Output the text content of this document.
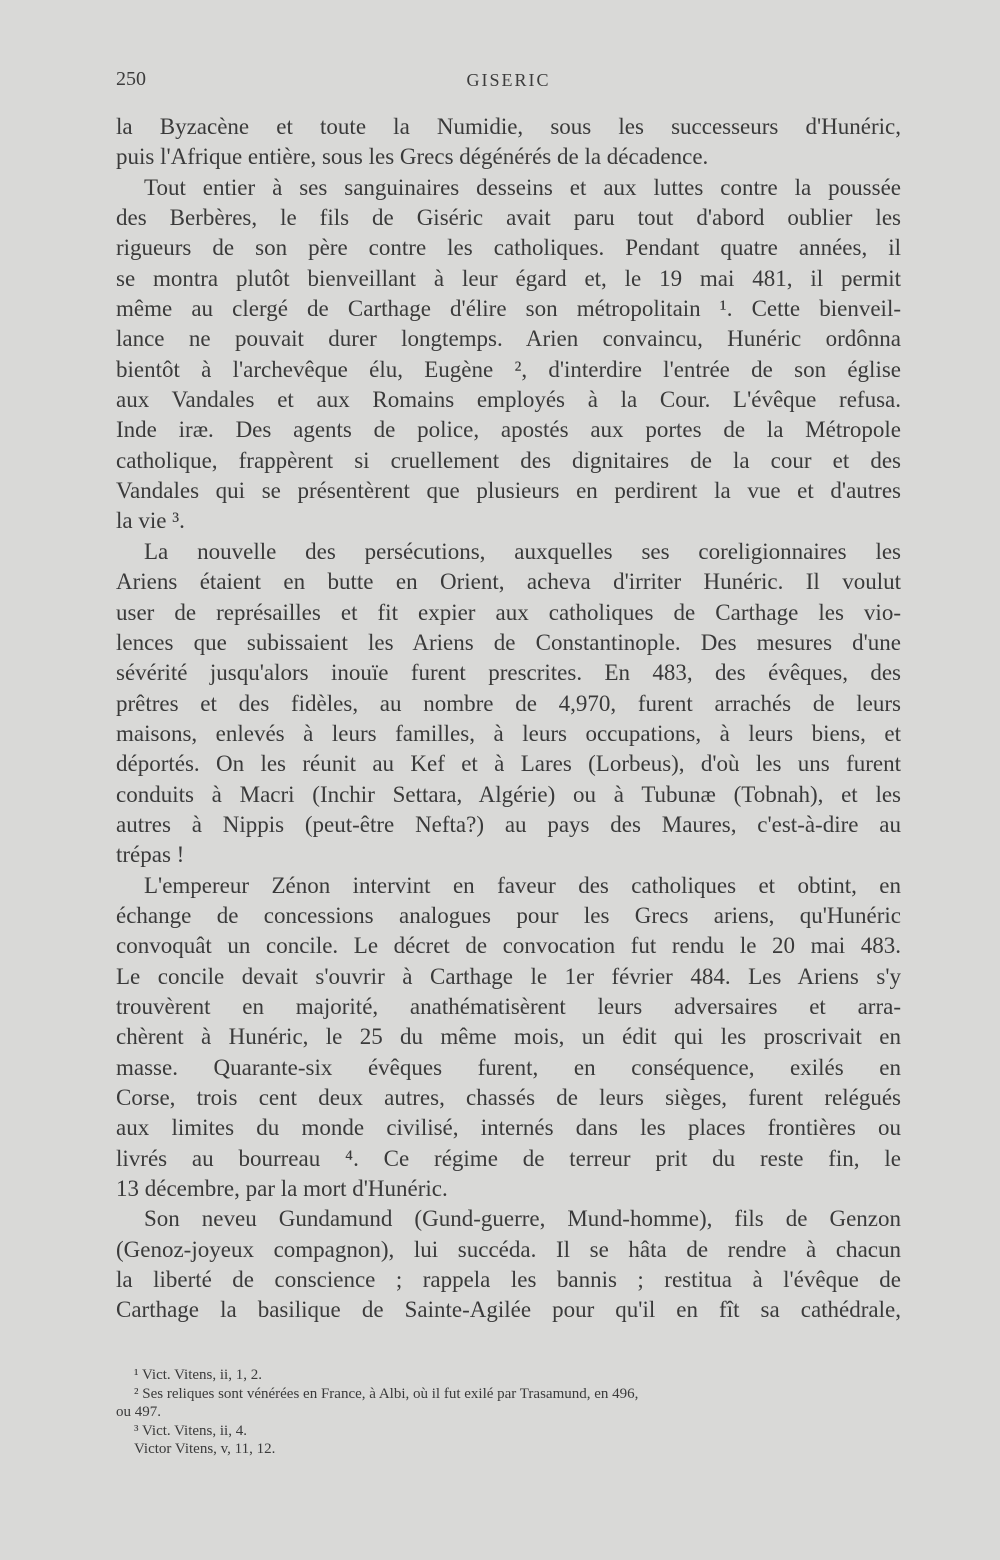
250	GISERIC
la Byzacène et toute la Numidie, sous les successeurs d'Hunéric,
puis l'Afrique entière, sous les Grecs dégénérés de la décadence.
Tout entier à ses sanguinaires desseins et aux luttes contre la poussée
des Berbères, le fils de Giséric avait paru tout d'abord oublier les
rigueurs de son père contre les catholiques. Pendant quatre années, il
se montra plutôt bienveillant à leur égard et, le 19 mai 481, il permit
même au clergé de Carthage d'élire son métropolitain ¹. Cette bienveil-
lance ne pouvait durer longtemps. Arien convaincu, Hunéric ordônna
bientôt à l'archevêque élu, Eugène ², d'interdire l'entrée de son église
aux Vandales et aux Romains employés à la Cour. L'évêque refusa.
Inde iræ. Des agents de police, apostés aux portes de la Métropole
catholique, frappèrent si cruellement des dignitaires de la cour et des
Vandales qui se présentèrent que plusieurs en perdirent la vue et d'autres
la vie ³.
La nouvelle des persécutions, auxquelles ses coreligionnaires les
Ariens étaient en butte en Orient, acheva d'irriter Hunéric. Il voulut
user de représailles et fit expier aux catholiques de Carthage les vio-
lences que subissaient les Ariens de Constantinople. Des mesures d'une
sévérité jusqu'alors inouïe furent prescrites. En 483, des évêques, des
prêtres et des fidèles, au nombre de 4,970, furent arrachés de leurs
maisons, enlevés à leurs familles, à leurs occupations, à leurs biens, et
déportés. On les réunit au Kef et à Lares (Lorbeus), d'où les uns furent
conduits à Macri (Inchir Settara, Algérie) ou à Tubunæ (Tobnah), et les
autres à Nippis (peut-être Nefta?) au pays des Maures, c'est-à-dire au
trépas !
L'empereur Zénon intervint en faveur des catholiques et obtint, en
échange de concessions analogues pour les Grecs ariens, qu'Hunéric
convoquât un concile. Le décret de convocation fut rendu le 20 mai 483.
Le concile devait s'ouvrir à Carthage le 1er février 484. Les Ariens s'y
trouvèrent en majorité, anathématisèrent leurs adversaires et arra-
chèrent à Hunéric, le 25 du même mois, un édit qui les proscrivait en
masse. Quarante-six évêques furent, en conséquence, exilés en
Corse, trois cent deux autres, chassés de leurs sièges, furent relégués
aux limites du monde civilisé, internés dans les places frontières ou
livrés au bourreau ⁴. Ce régime de terreur prit du reste fin, le
13 décembre, par la mort d'Hunéric.
Son neveu Gundamund (Gund-guerre, Mund-homme), fils de Genzon
(Genoz-joyeux compagnon), lui succéda. Il se hâta de rendre à chacun
la liberté de conscience ; rappela les bannis ; restitua à l'évêque de
Carthage la basilique de Sainte-Agilée pour qu'il en fît sa cathédrale,
¹ Vict. Vitens, ii, 1, 2.
² Ses reliques sont vénérées en France, à Albi, où il fut exilé par Trasamund, en 496,
ou 497.
³ Vict. Vitens, ii, 4.
Victor Vitens, v, 11, 12.
